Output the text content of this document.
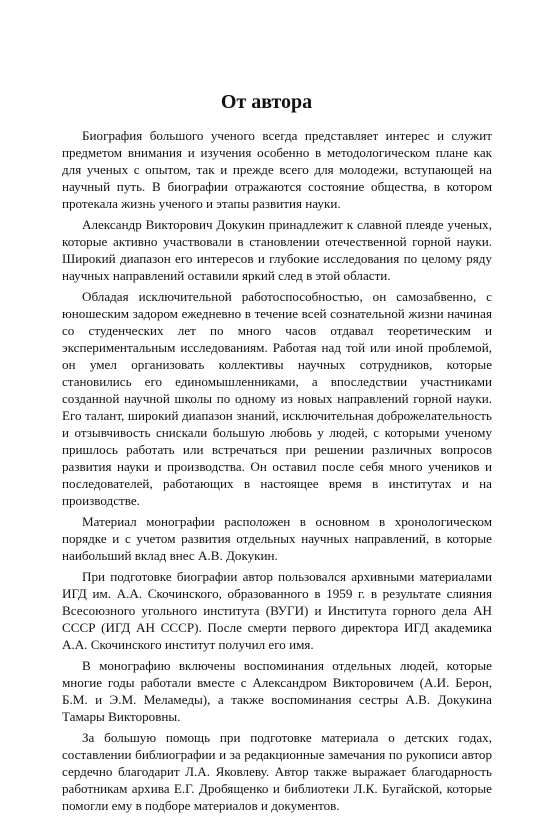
От автора

Биография большого ученого всегда представляет интерес и служит предметом внимания и изучения особенно в методологическом плане как для ученых с опытом, так и прежде всего для молодежи, вступающей на научный путь. В биографии отражаются состояние общества, в котором протекала жизнь ученого и этапы развития науки.

Александр Викторович Докукин принадлежит к славной плеяде ученых, которые активно участвовали в становлении отечественной горной науки. Широкий диапазон его интересов и глубокие исследования по целому ряду научных направлений оставили яркий след в этой области.

Обладая исключительной работоспособностью, он самозабвенно, с юношеским задором ежедневно в течение всей сознательной жизни начиная со студенческих лет по много часов отдавал теоретическим и экспериментальным исследованиям. Работая над той или иной проблемой, он умел организовать коллективы научных сотрудников, которые становились его единомышленниками, а впоследствии участниками созданной научной школы по одному из новых направлений горной науки. Его талант, широкий диапазон знаний, исключительная доброжелательность и отзывчивость снискали большую любовь у людей, с которыми ученому пришлось работать или встречаться при решении различных вопросов развития науки и производства. Он оставил после себя много учеников и последователей, работающих в настоящее время в институтах и на производстве.

Материал монографии расположен в основном в хронологическом порядке и с учетом развития отдельных научных направлений, в которые наибольший вклад внес А.В. Докукин.

При подготовке биографии автор пользовался архивными материалами ИГД им. А.А. Скочинского, образованного в 1959 г. в результате слияния Всесоюзного угольного института (ВУГИ) и Института горного дела АН СССР (ИГД АН СССР). После смерти первого директора ИГД академика А.А. Скочинского институт получил его имя.

В монографию включены воспоминания отдельных людей, которые многие годы работали вместе с Александром Викторовичем (А.И. Берон, Б.М. и Э.М. Меламеды), а также воспоминания сестры А.В. Докукина Тамары Викторовны.

За большую помощь при подготовке материала о детских годах, составлении библиографии и за редакционные замечания по рукописи автор сердечно благодарит Л.А. Яковлеву. Автор также выражает благодарность работникам архива Е.Г. Дробященко и библиотеки Л.К. Бугайской, которые помогли ему в подборе материалов и документов.
